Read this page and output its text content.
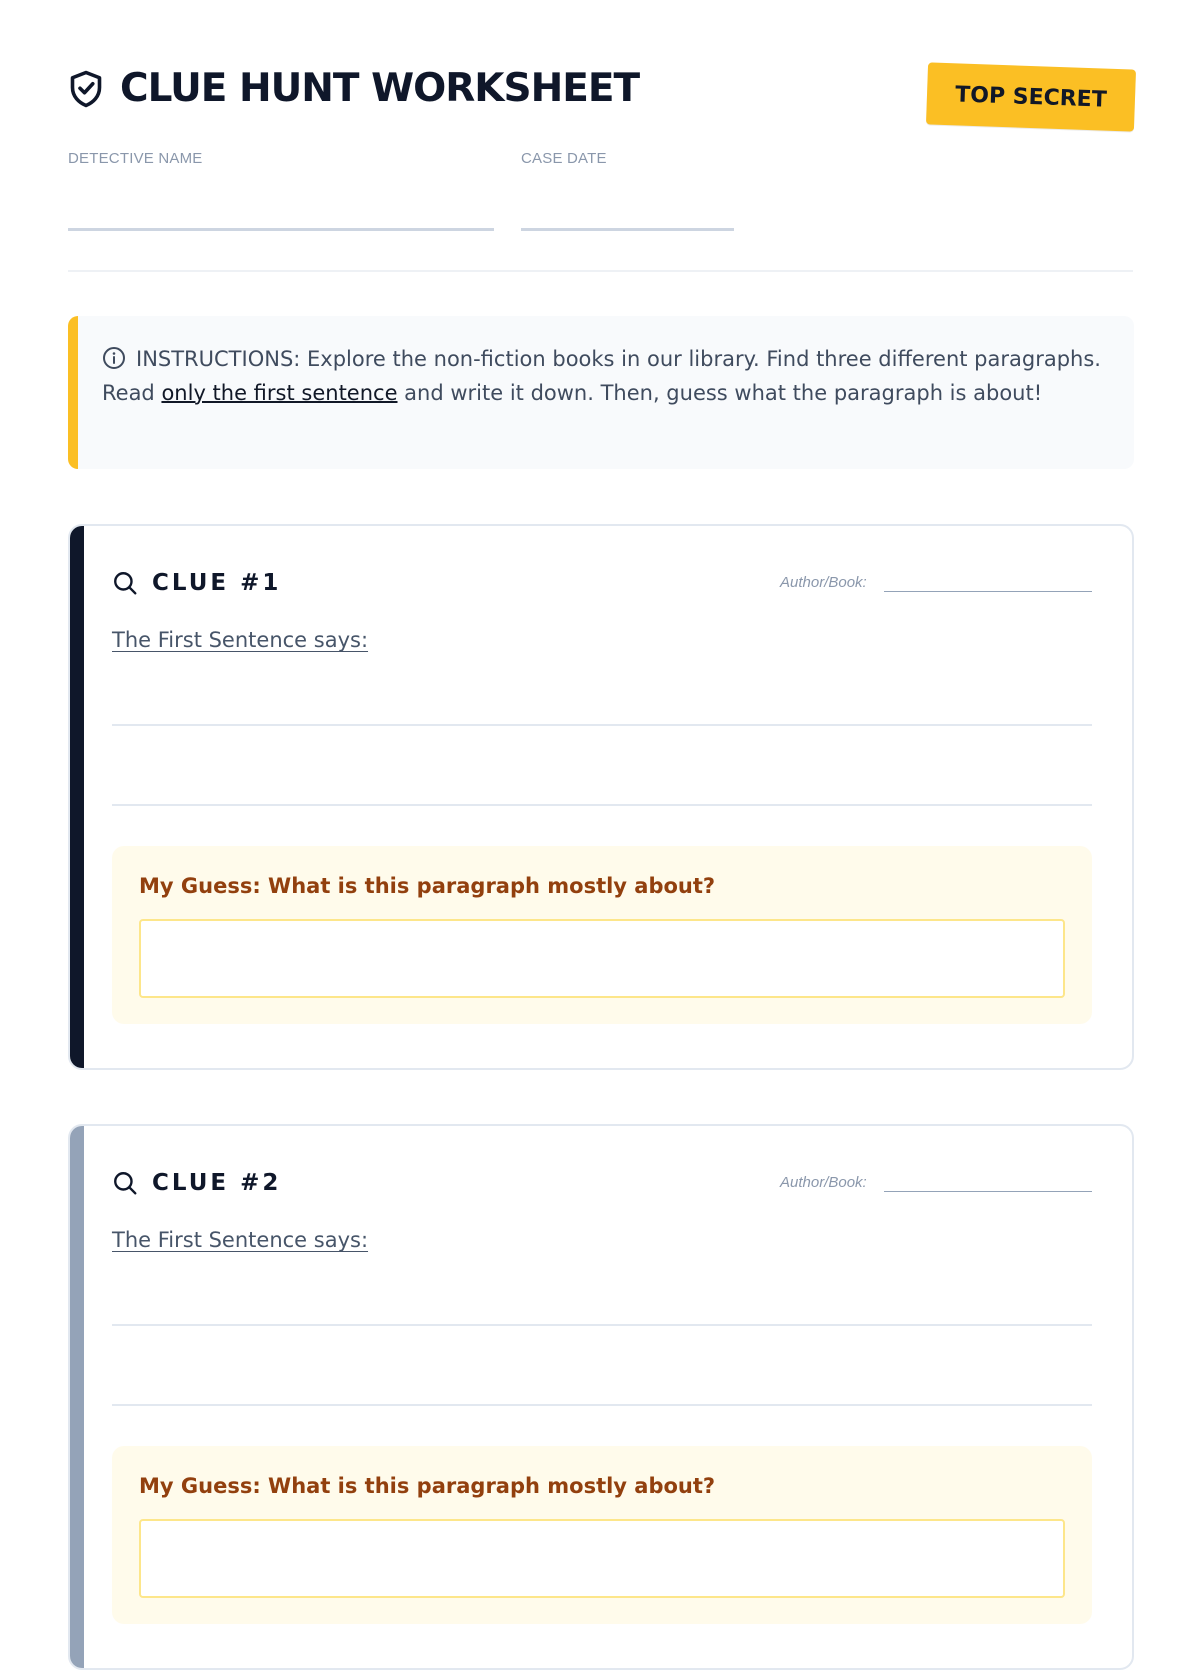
CLUE HUNT WORKSHEET	TOP SECRET
DETECTIVE NAME	CASE DATE
INSTRUCTIONS: Explore the non-fiction books in our library. Find three different paragraphs. Read only the first sentence and write it down. Then, guess what the paragraph is about!
CLUE #1	Author/Book:
The First Sentence says:
My Guess: What is this paragraph mostly about?
CLUE #2	Author/Book:
The First Sentence says:
My Guess: What is this paragraph mostly about?
